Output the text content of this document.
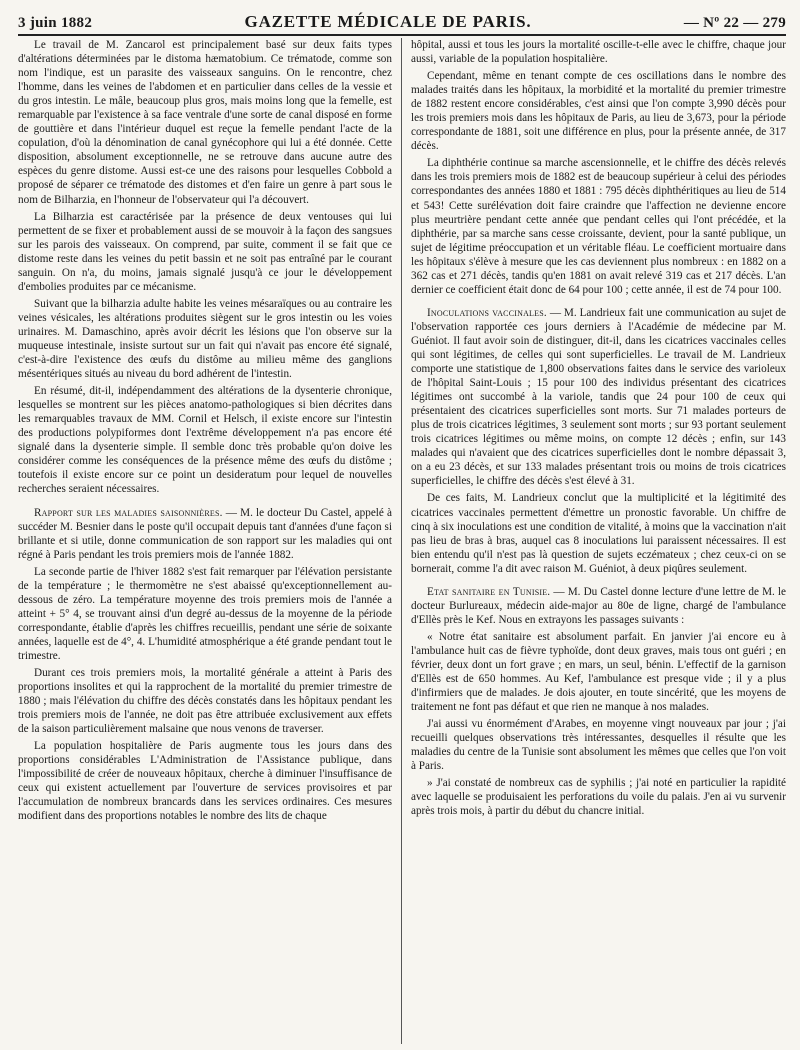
3 juin 1882	GAZETTE MÉDICALE DE PARIS.	— Nº 22 — 279

Le travail de M. Zancarol est principalement basé sur deux faits types d'altérations déterminées par le distoma hæmatobium. Ce trématode, comme son nom l'indique, est un parasite des vaisseaux sanguins. On le rencontre, chez l'homme, dans les veines de l'abdomen et en particulier dans celles de la vessie et du gros intestin. Le mâle, beaucoup plus gros, mais moins long que la femelle, est remarquable par l'existence à sa face ventrale d'une sorte de canal disposé en forme de gouttière et dans l'intérieur duquel est reçue la femelle pendant l'acte de la copulation, d'où la dénomination de canal gynécophore qui lui a été donnée. Cette disposition, absolument exceptionnelle, ne se retrouve dans aucune autre des espèces du genre distome. Aussi est-ce une des raisons pour lesquelles Cobbold a proposé de séparer ce trématode des distomes et d'en faire un genre à part sous le nom de Bilharzia, en l'honneur de l'observateur qui l'a découvert.

La Bilharzia est caractérisée par la présence de deux ventouses qui lui permettent de se fixer et probablement aussi de se mouvoir à la façon des sangsues sur les parois des vaisseaux. On comprend, par suite, comment il se fait que ce distome reste dans les veines du petit bassin et ne soit pas entraîné par le courant sanguin. On n'a, du moins, jamais signalé jusqu'à ce jour le développement d'embolies produites par ce mécanisme.

Suivant que la bilharzia adulte habite les veines mésaraïques ou au contraire les veines vésicales, les altérations produites siègent sur le gros intestin ou les voies urinaires. M. Damaschino, après avoir décrit les lésions que l'on observe sur la muqueuse intestinale, insiste surtout sur un fait qui n'avait pas encore été signalé, c'est-à-dire l'existence des œufs du distôme au milieu même des ganglions mésentériques situés au niveau du bord adhérent de l'intestin.

En résumé, dit-il, indépendamment des altérations de la dysenterie chronique, lesquelles se montrent sur les pièces anatomo-pathologiques si bien décrites dans les remarquables travaux de MM. Cornil et Helsch, il existe encore sur l'intestin des productions polypiformes dont l'extrême développement n'a pas encore été signalé dans la dysenterie simple. Il semble donc très probable qu'on doive les considérer comme les conséquences de la présence même des œufs du distôme ; toutefois il existe encore sur ce point un desideratum pour lequel de nouvelles recherches seraient nécessaires.

Rapport sur les maladies saisonnières. — M. le docteur Du Castel, appelé à succéder M. Besnier dans le poste qu'il occupait depuis tant d'années d'une façon si brillante et si utile, donne communication de son rapport sur les maladies qui ont régné à Paris pendant les trois premiers mois de l'année 1882.

La seconde partie de l'hiver 1882 s'est fait remarquer par l'élévation persistante de la température ; le thermomètre ne s'est abaissé qu'exceptionnellement au-dessous de zéro. La température moyenne des trois premiers mois de l'année a atteint + 5° 4, se trouvant ainsi d'un degré au-dessus de la moyenne de la période correspondante, établie d'après les chiffres recueillis, pendant une série de soixante années, laquelle est de 4°, 4. L'humidité atmosphérique a été grande pendant tout le trimestre.

Durant ces trois premiers mois, la mortalité générale a atteint à Paris des proportions insolites et qui la rapprochent de la mortalité du premier trimestre de 1880 ; mais l'élévation du chiffre des décès constatés dans les hôpitaux pendant les trois premiers mois de l'année, ne doit pas être attribuée exclusivement aux effets de la saison particulièrement malsaine que nous venons de traverser.

La population hospitalière de Paris augmente tous les jours dans des proportions considérables L'Administration de l'Assistance publique, dans l'impossibilité de créer de nouveaux hôpitaux, cherche à diminuer l'insuffisance de ceux qui existent actuellement par l'ouverture de services provisoires et par l'accumulation de nombreux brancards dans les services ordinaires. Ces mesures modifient dans des proportions notables le nombre des lits de chaque

hôpital, aussi et tous les jours la mortalité oscille-t-elle avec le chiffre, chaque jour aussi, variable de la population hospitalière.

Cependant, même en tenant compte de ces oscillations dans le nombre des malades traités dans les hôpitaux, la morbidité et la mortalité du premier trimestre de 1882 restent encore considérables, c'est ainsi que l'on compte 3,990 décès pour les trois premiers mois dans les hôpitaux de Paris, au lieu de 3,673, pour la période correspondante de 1881, soit une différence en plus, pour la présente année, de 317 décès.

La diphthérie continue sa marche ascensionnelle, et le chiffre des décès relevés dans les trois premiers mois de 1882 est de beaucoup supérieur à celui des périodes correspondantes des années 1880 et 1881 : 795 décès diphthéritiques au lieu de 514 et 543! Cette surélévation doit faire craindre que l'affection ne devienne encore plus meurtrière pendant cette année que pendant celles qui l'ont précédée, et la diphthérie, par sa marche sans cesse croissante, devient, pour la santé publique, un sujet de légitime préoccupation et un véritable fléau. Le coefficient mortuaire dans les hôpitaux s'élève à mesure que les cas deviennent plus nombreux : en 1882 on a 362 cas et 271 décès, tandis qu'en 1881 on avait relevé 319 cas et 217 décès. L'an dernier ce coefficient était donc de 64 pour 100 ; cette année, il est de 74 pour 100.

Inoculations vaccinales. — M. Landrieux fait une communication au sujet de l'observation rapportée ces jours derniers à l'Académie de médecine par M. Guéniot. Il faut avoir soin de distinguer, dit-il, dans les cicatrices vaccinales celles qui sont légitimes, de celles qui sont superficielles. Le travail de M. Landrieux comporte une statistique de 1,800 observations faites dans le service des varioleux de l'hôpital Saint-Louis ; 15 pour 100 des individus présentant des cicatrices légitimes ont succombé à la variole, tandis que 24 pour 100 de ceux qui présentaient des cicatrices superficielles sont morts. Sur 71 malades porteurs de plus de trois cicatrices légitimes, 3 seulement sont morts ; sur 93 portant seulement trois cicatrices légitimes ou même moins, on compte 12 décès ; enfin, sur 143 malades qui n'avaient que des cicatrices superficielles dont le nombre dépassait 3, on a eu 23 décès, et sur 133 malades présentant trois ou moins de trois cicatrices superficielles, le chiffre des décès s'est élevé à 31.

De ces faits, M. Landrieux conclut que la multiplicité et la légitimité des cicatrices vaccinales permettent d'émettre un pronostic favorable. Un chiffre de cinq à six inoculations est une condition de vitalité, à moins que la vaccination n'ait pas lieu de bras à bras, auquel cas 8 inoculations lui paraissent nécessaires. Il est bien entendu qu'il n'est pas là question de sujets eczémateux ; chez ceux-ci on se bornerait, comme l'a dit avec raison M. Guéniot, à deux piqûres seulement.

Etat sanitaire en Tunisie. — M. Du Castel donne lecture d'une lettre de M. le docteur Burlureaux, médecin aide-major au 80e de ligne, chargé de l'ambulance d'Ellès près le Kef. Nous en extrayons les passages suivants :

« Notre état sanitaire est absolument parfait. En janvier j'ai encore eu à l'ambulance huit cas de fièvre typhoïde, dont deux graves, mais tous ont guéri ; en février, deux dont un fort grave ; en mars, un seul, bénin. L'effectif de la garnison d'Ellès est de 650 hommes. Au Kef, l'ambulance est presque vide ; il y a plus d'infirmiers que de malades. Je dois ajouter, en toute sincérité, que les moyens de traitement ne font pas défaut et que rien ne manque à nos malades.

J'ai aussi vu énormément d'Arabes, en moyenne vingt nouveaux par jour ; j'ai recueilli quelques observations très intéressantes, desquelles il résulte que les maladies du centre de la Tunisie sont absolument les mêmes que celles que l'on voit à Paris.

» J'ai constaté de nombreux cas de syphilis ; j'ai noté en particulier la rapidité avec laquelle se produisaient les perforations du voile du palais. J'en ai vu survenir après trois mois, à partir du début du chancre initial.
